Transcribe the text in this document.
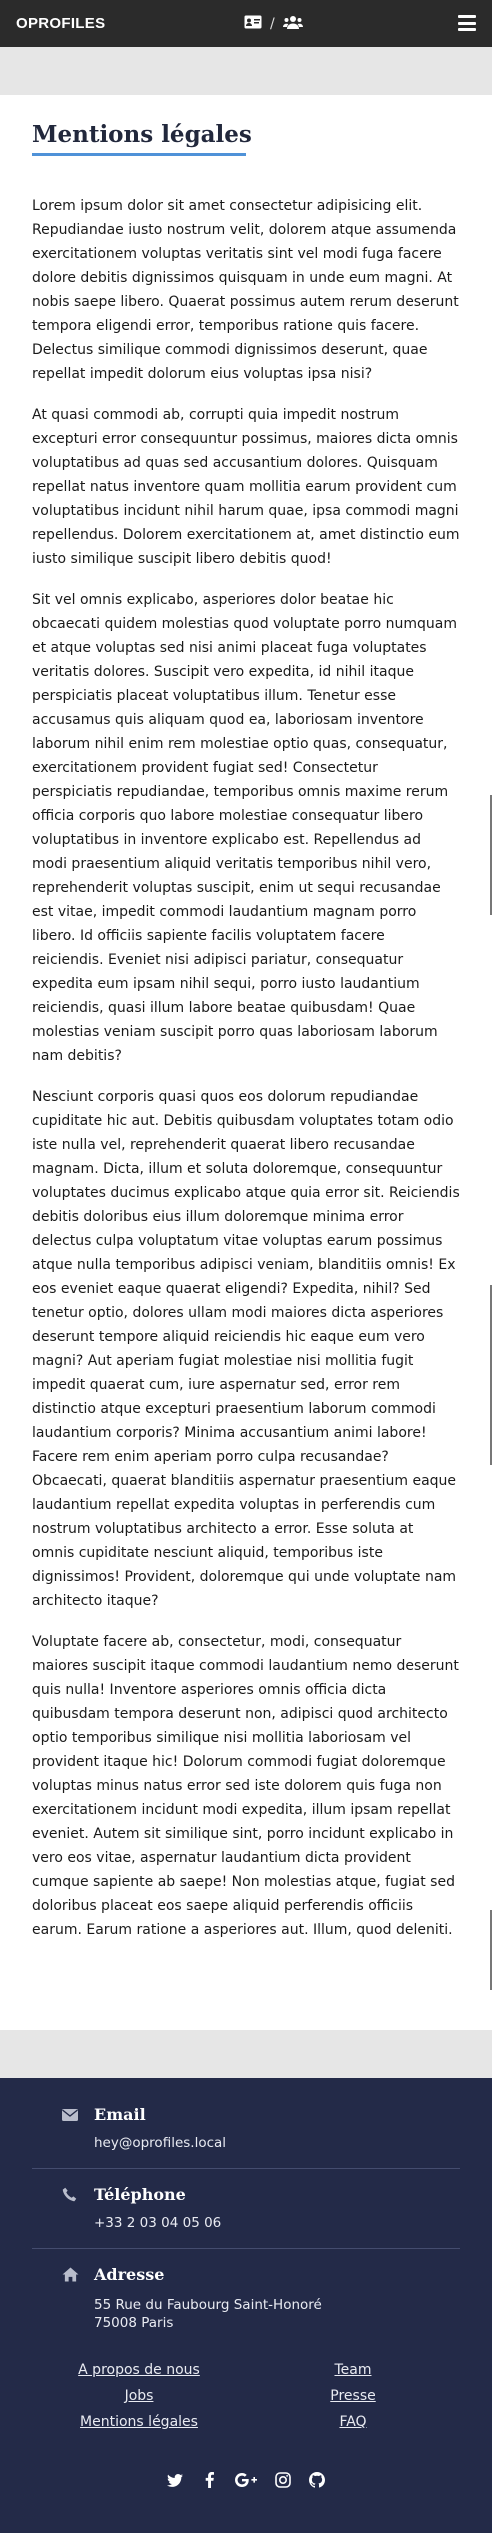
OPROFILES	/
Mentions légales

Lorem ipsum dolor sit amet consectetur adipisicing elit. Repudiandae iusto nostrum velit, dolorem atque assumenda exercitationem voluptas veritatis sint vel modi fuga facere dolore debitis dignissimos quisquam in unde eum magni. At nobis saepe libero. Quaerat possimus autem rerum deserunt tempora eligendi error, temporibus ratione quis facere. Delectus similique commodi dignissimos deserunt, quae repellat impedit dolorum eius voluptas ipsa nisi?

At quasi commodi ab, corrupti quia impedit nostrum excepturi error consequuntur possimus, maiores dicta omnis voluptatibus ad quas sed accusantium dolores. Quisquam repellat natus inventore quam mollitia earum provident cum voluptatibus incidunt nihil harum quae, ipsa commodi magni repellendus. Dolorem exercitationem at, amet distinctio eum iusto similique suscipit libero debitis quod!

Sit vel omnis explicabo, asperiores dolor beatae hic obcaecati quidem molestias quod voluptate porro numquam et atque voluptas sed nisi animi placeat fuga voluptates veritatis dolores. Suscipit vero expedita, id nihil itaque perspiciatis placeat voluptatibus illum. Tenetur esse accusamus quis aliquam quod ea, laboriosam inventore laborum nihil enim rem molestiae optio quas, consequatur, exercitationem provident fugiat sed! Consectetur perspiciatis repudiandae, temporibus omnis maxime rerum officia corporis quo labore molestiae consequatur libero voluptatibus in inventore explicabo est. Repellendus ad modi praesentium aliquid veritatis temporibus nihil vero, reprehenderit voluptas suscipit, enim ut sequi recusandae est vitae, impedit commodi laudantium magnam porro libero. Id officiis sapiente facilis voluptatem facere reiciendis. Eveniet nisi adipisci pariatur, consequatur expedita eum ipsam nihil sequi, porro iusto laudantium reiciendis, quasi illum labore beatae quibusdam! Quae molestias veniam suscipit porro quas laboriosam laborum nam debitis?

Nesciunt corporis quasi quos eos dolorum repudiandae cupiditate hic aut. Debitis quibusdam voluptates totam odio iste nulla vel, reprehenderit quaerat libero recusandae magnam. Dicta, illum et soluta doloremque, consequuntur voluptates ducimus explicabo atque quia error sit. Reiciendis debitis doloribus eius illum doloremque minima error delectus culpa voluptatum vitae voluptas earum possimus atque nulla temporibus adipisci veniam, blanditiis omnis! Ex eos eveniet eaque quaerat eligendi? Expedita, nihil? Sed tenetur optio, dolores ullam modi maiores dicta asperiores deserunt tempore aliquid reiciendis hic eaque eum vero magni? Aut aperiam fugiat molestiae nisi mollitia fugit impedit quaerat cum, iure aspernatur sed, error rem distinctio atque excepturi praesentium laborum commodi laudantium corporis? Minima accusantium animi labore! Facere rem enim aperiam porro culpa recusandae? Obcaecati, quaerat blanditiis aspernatur praesentium eaque laudantium repellat expedita voluptas in perferendis cum nostrum voluptatibus architecto a error. Esse soluta at omnis cupiditate nesciunt aliquid, temporibus iste dignissimos! Provident, doloremque qui unde voluptate nam architecto itaque?

Voluptate facere ab, consectetur, modi, consequatur maiores suscipit itaque commodi laudantium nemo deserunt quis nulla! Inventore asperiores omnis officia dicta quibusdam tempora deserunt non, adipisci quod architecto optio temporibus similique nisi mollitia laboriosam vel provident itaque hic! Dolorum commodi fugiat doloremque voluptas minus natus error sed iste dolorem quis fuga non exercitationem incidunt modi expedita, illum ipsam repellat eveniet. Autem sit similique sint, porro incidunt explicabo in vero eos vitae, aspernatur laudantium dicta provident cumque sapiente ab saepe! Non molestias atque, fugiat sed doloribus placeat eos saepe aliquid perferendis officiis earum. Earum ratione a asperiores aut. Illum, quod deleniti.

Email
hey@oprofiles.local
Téléphone
+33 2 03 04 05 06
Adresse
55 Rue du Faubourg Saint-Honoré
75008 Paris
A propos de nous	Team
Jobs	Presse
Mentions légales	FAQ
